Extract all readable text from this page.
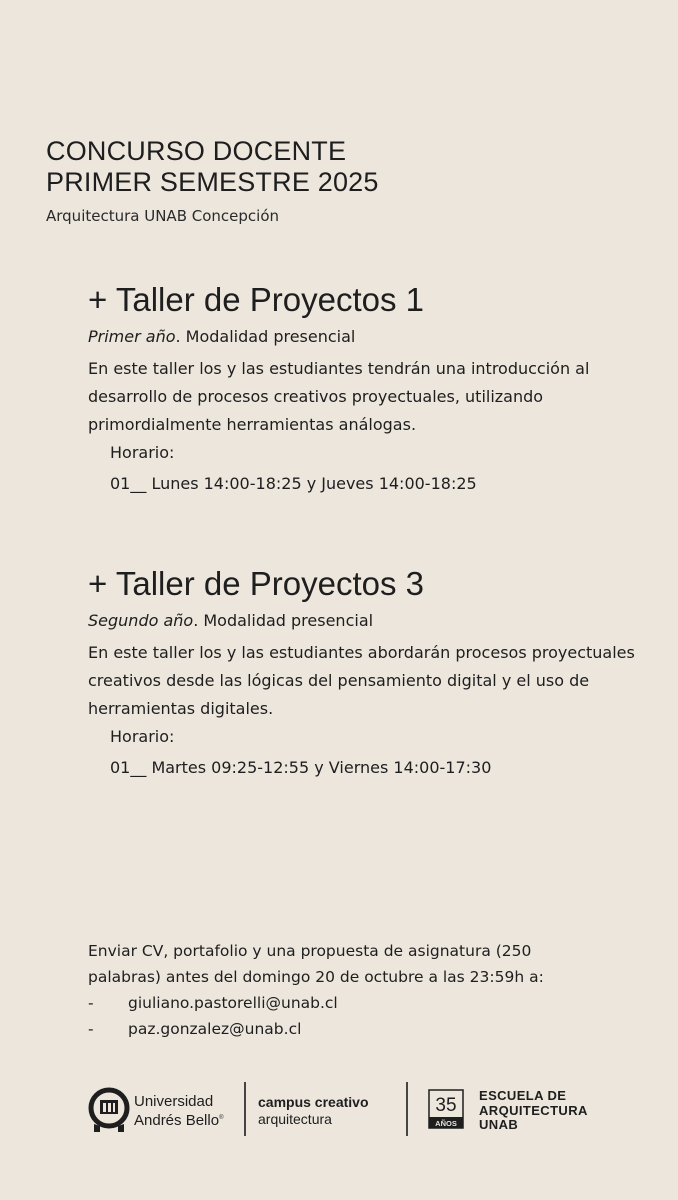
CONCURSO DOCENTE
PRIMER SEMESTRE 2025
Arquitectura UNAB Concepción
+ Taller de Proyectos 1
Primer año. Modalidad presencial
En este taller los y las estudiantes tendrán una introducción al desarrollo de procesos creativos proyectuales, utilizando primordialmente herramientas análogas.
Horario:
01__ Lunes 14:00-18:25 y Jueves 14:00-18:25
+ Taller de Proyectos 3
Segundo año. Modalidad presencial
En este taller los y las estudiantes abordarán procesos proyectuales creativos desde las lógicas del pensamiento digital y el uso de herramientas digitales.
Horario:
01__ Martes 09:25-12:55 y Viernes 14:00-17:30
Enviar CV, portafolio y una propuesta de asignatura (250 palabras) antes del domingo 20 de octubre a las 23:59h a:
-	giuliano.pastorelli@unab.cl
-	paz.gonzalez@unab.cl
Universidad
Andrés Bello®
campus creativo
arquitectura
35
AÑOS
ESCUELA DE
ARQUITECTURA
UNAB
